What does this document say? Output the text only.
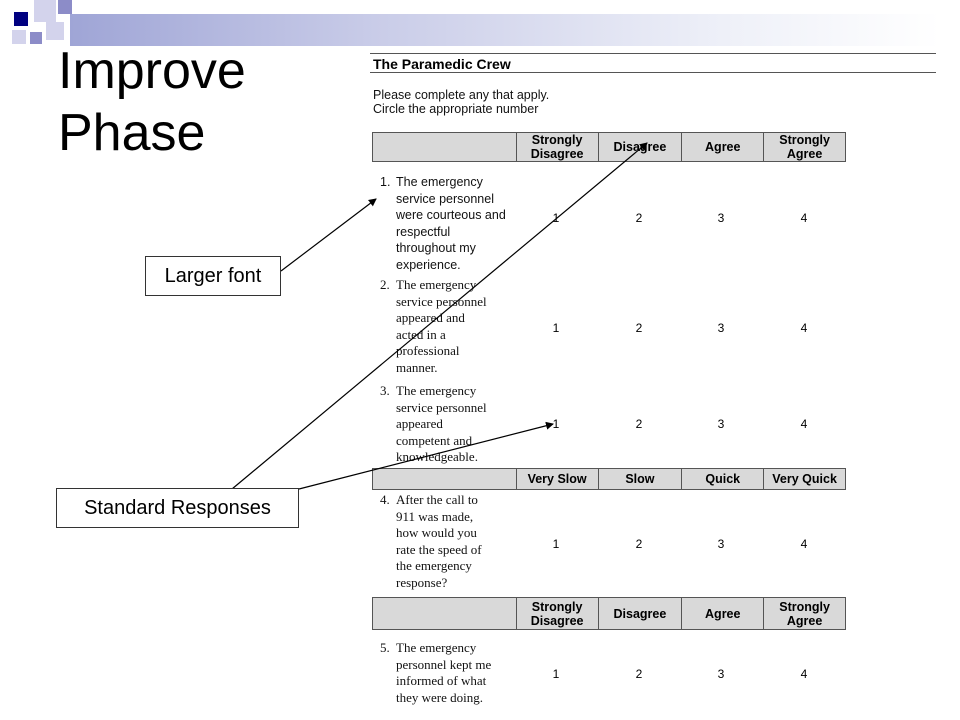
Improve
Phase
The Paramedic Crew
Please complete any that apply.
Circle the appropriate number
Strongly Disagree	Disagree	Agree	Strongly Agree
1. The emergency
service personnel
were courteous and
respectful
throughout my
experience.
1	2	3	4
2. The emergency
service personnel
appeared and
acted in a
professional
manner.
1	2	3	4
3. The emergency
service personnel
appeared
competent and
knowledgeable.
1	2	3	4
Very Slow	Slow	Quick	Very Quick
4. After the call to
911 was made,
how would you
rate the speed of
the emergency
response?
1	2	3	4
Strongly Disagree	Disagree	Agree	Strongly Agree
5. The emergency
personnel kept me
informed of what
they were doing.
1	2	3	4
Larger font
Standard Responses
